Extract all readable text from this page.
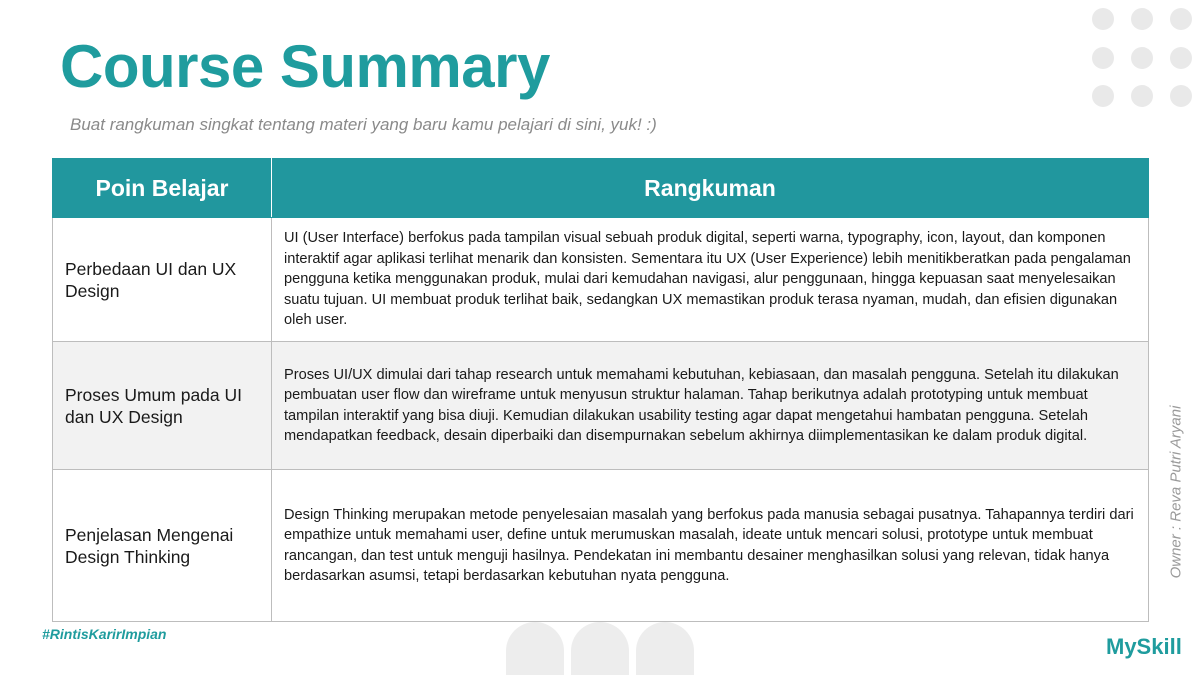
Course Summary
Buat rangkuman singkat tentang materi yang baru kamu pelajari di sini, yuk! :)
Poin Belajar	Rangkuman
Perbedaan UI dan UX Design	UI (User Interface) berfokus pada tampilan visual sebuah produk digital, seperti warna, typography, icon, layout, dan komponen interaktif agar aplikasi terlihat menarik dan konsisten. Sementara itu UX (User Experience) lebih menitikberatkan pada pengalaman pengguna ketika menggunakan produk, mulai dari kemudahan navigasi, alur penggunaan, hingga kepuasan saat menyelesaikan suatu tujuan. UI membuat produk terlihat baik, sedangkan UX memastikan produk terasa nyaman, mudah, dan efisien digunakan oleh user.
Proses Umum pada UI dan UX Design	Proses UI/UX dimulai dari tahap research untuk memahami kebutuhan, kebiasaan, dan masalah pengguna. Setelah itu dilakukan pembuatan user flow dan wireframe untuk menyusun struktur halaman. Tahap berikutnya adalah prototyping untuk membuat tampilan interaktif yang bisa diuji. Kemudian dilakukan usability testing agar dapat mengetahui hambatan pengguna. Setelah mendapatkan feedback, desain diperbaiki dan disempurnakan sebelum akhirnya diimplementasikan ke dalam produk digital.
Penjelasan Mengenai Design Thinking	Design Thinking merupakan metode penyelesaian masalah yang berfokus pada manusia sebagai pusatnya. Tahapannya terdiri dari empathize untuk memahami user, define untuk merumuskan masalah, ideate untuk mencari solusi, prototype untuk membuat rancangan, dan test untuk menguji hasilnya. Pendekatan ini membantu desainer menghasilkan solusi yang relevan, tidak hanya berdasarkan asumsi, tetapi berdasarkan kebutuhan nyata pengguna.
#RintisKarirImpian
Owner : Reva Putri Aryani
MySkill
